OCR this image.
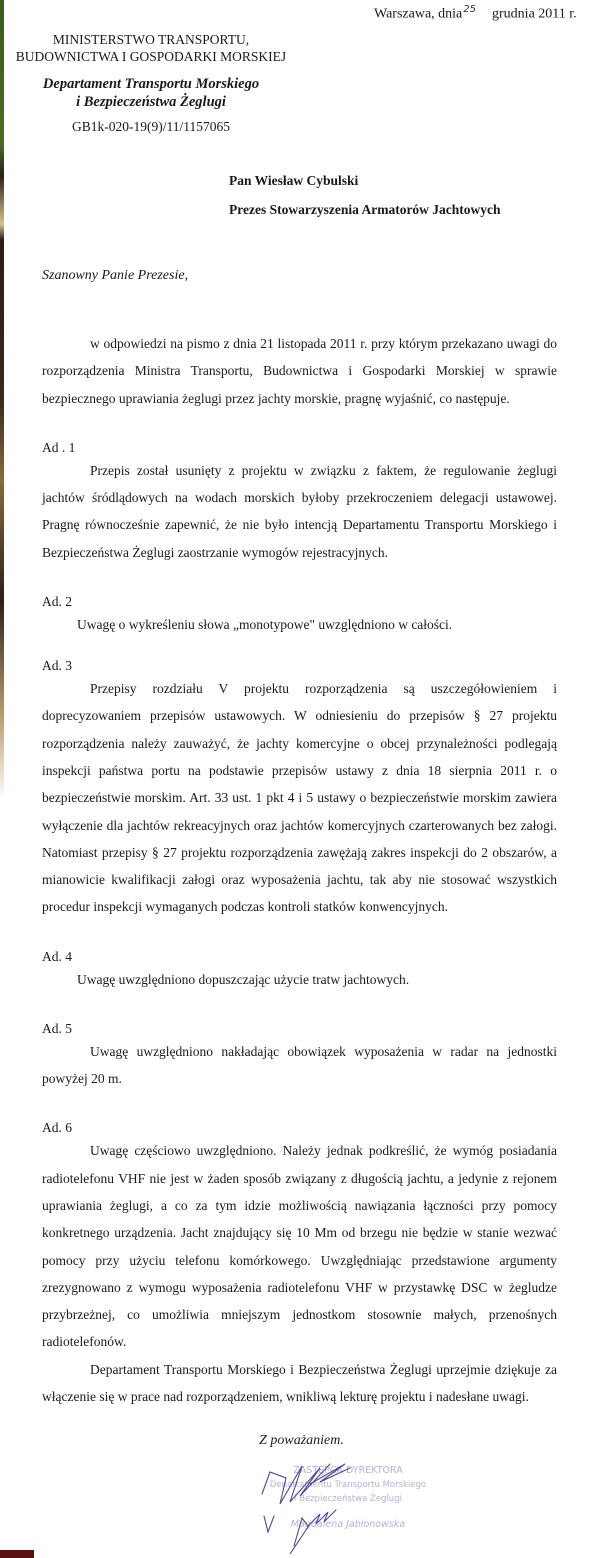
Warszawa, dnia$^{25}$ grudnia 2011 r.

MINISTERSTWO TRANSPORTU,
BUDOWNICTWA I GOSPODARKI MORSKIEJ
Departament Transportu Morskiego
i Bezpieczeństwa Żeglugi
GB1k-020-19(9)/11/1157065
Pan Wiesław Cybulski
Prezes Stowarzyszenia Armatorów Jachtowych
Szanowny Panie Prezesie,

w odpowiedzi na pismo z dnia 21 listopada 2011 r. przy którym przekazano uwagi do rozporządzenia Ministra Transportu, Budownictwa i Gospodarki Morskiej w sprawie bezpiecznego uprawiania żeglugi przez jachty morskie, pragnę wyjaśnić, co następuje.

Ad . 1

Przepis został usunięty z projektu w związku z faktem, że regulowanie żeglugi jachtów śródlądowych na wodach morskich byłoby przekroczeniem delegacji ustawowej. Pragnę równocześnie zapewnić, że nie było intencją Departamentu Transportu Morskiego i Bezpieczeństwa Żeglugi zaostrzanie wymogów rejestracyjnych.

Ad. 2
Uwagę o wykreśleniu słowa „monotypowe" uwzględniono w całości.
Ad. 3

Przepisy rozdziału V projektu rozporządzenia są uszczegółowieniem i doprecyzowaniem przepisów ustawowych. W odniesieniu do przepisów § 27 projektu rozporządzenia należy zauważyć, że jachty komercyjne o obcej przynależności podlegają inspekcji państwa portu na podstawie przepisów ustawy z dnia 18 sierpnia 2011 r. o bezpieczeństwie morskim. Art. 33 ust. 1 pkt 4 i 5 ustawy o bezpieczeństwie morskim zawiera wyłączenie dla jachtów rekreacyjnych oraz jachtów komercyjnych czarterowanych bez załogi. Natomiast przepisy § 27 projektu rozporządzenia zawężają zakres inspekcji do 2 obszarów, a mianowicie kwalifikacji załogi oraz wyposażenia jachtu, tak aby nie stosować wszystkich procedur inspekcji wymaganych podczas kontroli statków konwencyjnych.

Ad. 4
Uwagę uwzględniono dopuszczając użycie tratw jachtowych.
Ad. 5

Uwagę uwzględniono nakładając obowiązek wyposażenia w radar na jednostki powyżej 20 m.

Ad. 6

Uwagę częściowo uwzględniono. Należy jednak podkreślić, że wymóg posiadania radiotelefonu VHF nie jest w żaden sposób związany z długością jachtu, a jedynie z rejonem uprawiania żeglugi, a co za tym idzie możliwością nawiązania łączności przy pomocy konkretnego urządzenia. Jacht znajdujący się 10 Mm od brzegu nie będzie w stanie wezwać pomocy przy użyciu telefonu komórkowego. Uwzględniając przedstawione argumenty zrezygnowano z wymogu wyposażenia radiotelefonu VHF w przystawkę DSC w żegludze przybrzeżnej, co umożliwia mniejszym jednostkom stosownie małych, przenośnych radiotelefonów.

Departament Transportu Morskiego i Bezpieczeństwa Żeglugi uprzejmie dziękuje za włączenie się w prace nad rozporządzeniem, wnikliwą lekturę projektu i nadesłane uwagi.

Z poważaniem.
ZASTĘPCA DYREKTORA
Departamentu Transportu Morskiego
i Bezpieczeństwa Żeglugi
Magdalena Jabłonowska
